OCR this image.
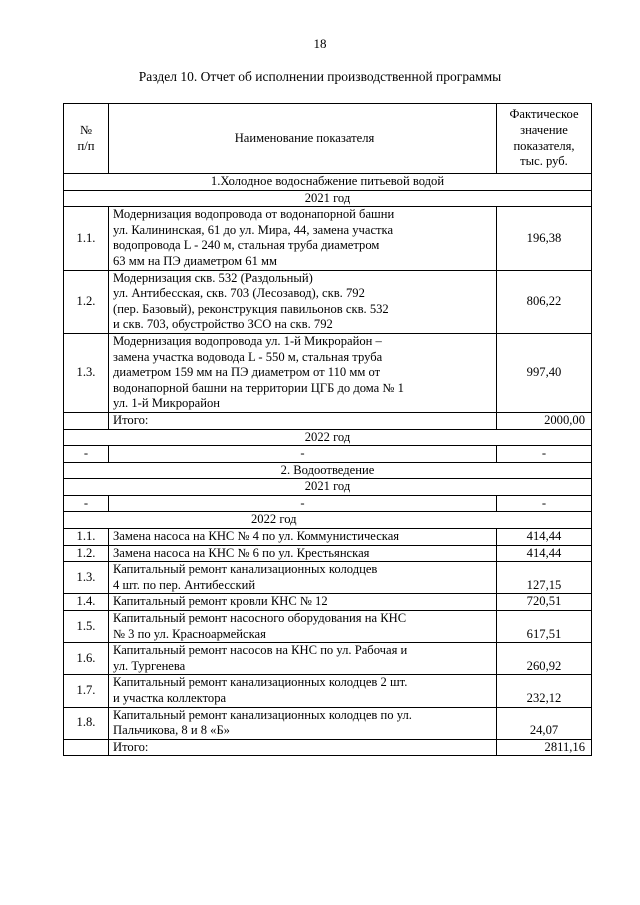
18
Раздел 10. Отчет об исполнении производственной программы
№
п/п	Наименование показателя	Фактическое
значение
показателя,
тыс. руб.

1.Холодное водоснабжение питьевой водой		
2021 год		
1.1.	Модернизация водопровода от водонапорной башни
ул. Калининская, 61 до ул. Мира, 44, замена участка
водопровода L - 240 м, стальная труба диаметром
63 мм на ПЭ диаметром 61 мм	196,38
1.2.	Модернизация скв. 532 (Раздольный)
ул. Антибесская, скв. 703 (Лесозавод), скв. 792
(пер. Базовый), реконструкция павильонов скв. 532
и скв. 703, обустройство ЗСО на скв. 792	806,22
1.3.	Модернизация водопровода ул. 1-й Микрорайон –
замена участка водовода L - 550 м, стальная труба
диаметром 159 мм на ПЭ диаметром от 110 мм от
водонапорной башни на территории ЦГБ до дома № 1
ул. 1-й Микрорайон	997,40
	Итого:	2000,00
2022 год		
-	-	-
2. Водоотведение		
2021 год		
-	-	-
2022 год		
1.1.	Замена насоса на КНС № 4 по ул. Коммунистическая	414,44
1.2.	Замена насоса на КНС № 6 по ул. Крестьянская	414,44
1.3.	Капитальный ремонт канализационных колодцев
4 шт. по пер. Антибесский	127,15
1.4.	Капитальный ремонт кровли КНС № 12	720,51
1.5.	Капитальный ремонт насосного оборудования на КНС
№ 3 по ул. Красноармейская	617,51
1.6.	Капитальный ремонт насосов на КНС по ул. Рабочая и
ул. Тургенева	260,92
1.7.	Капитальный ремонт канализационных колодцев 2 шт.
и участка коллектора	232,12
1.8.	Капитальный ремонт канализационных колодцев по ул.
Пальчикова, 8 и 8 «Б»	24,07
	Итого:	2811,16
